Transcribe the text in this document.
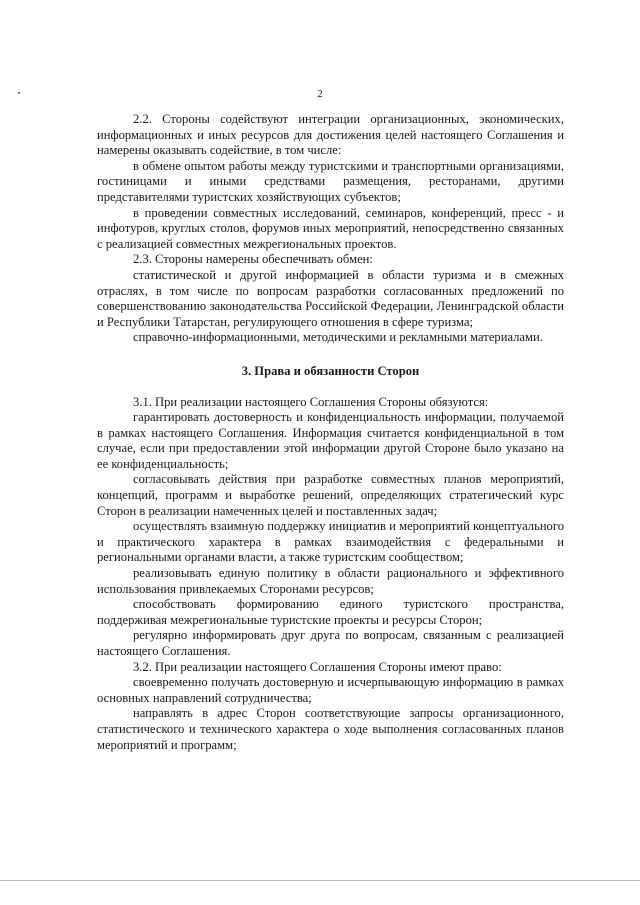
2

2.2. Стороны содействуют интеграции организационных, экономических, информационных и иных ресурсов для достижения целей настоящего Соглашения и намерены оказывать содействие, в том числе:

в обмене опытом работы между туристскими и транспортными организациями, гостиницами и иными средствами размещения, ресторанами, другими представителями туристских хозяйствующих субъектов;

в проведении совместных исследований, семинаров, конференций, пресс - и инфотуров, круглых столов, форумов иных мероприятий, непосредственно связанных с реализацией совместных межрегиональных проектов.

2.3. Стороны намерены обеспечивать обмен:

статистической и другой информацией в области туризма и в смежных отраслях, в том числе по вопросам разработки согласованных предложений по совершенствованию законодательства Российской Федерации, Ленинградской области и Республики Татарстан, регулирующего отношения в сфере туризма;

справочно-информационными, методическими и рекламными материалами.

3. Права и обязанности Сторон

3.1. При реализации настоящего Соглашения Стороны обязуются:

гарантировать достоверность и конфиденциальность информации, получаемой в рамках настоящего Соглашения. Информация считается конфиденциальной в том случае, если при предоставлении этой информации другой Стороне было указано на ее конфиденциальность;

согласовывать действия при разработке совместных планов мероприятий, концепций, программ и выработке решений, определяющих стратегический курс Сторон в реализации намеченных целей и поставленных задач;

осуществлять взаимную поддержку инициатив и мероприятий концептуального и практического характера в рамках взаимодействия с федеральными и региональными органами власти, а также туристским сообществом;

реализовывать единую политику в области рационального и эффективного использования привлекаемых Сторонами ресурсов;

способствовать формированию единого туристского пространства, поддерживая межрегиональные туристские проекты и ресурсы Сторон;

регулярно информировать друг друга по вопросам, связанным с реализацией настоящего Соглашения.

3.2. При реализации настоящего Соглашения Стороны имеют право:

своевременно получать достоверную и исчерпывающую информацию в рамках основных направлений сотрудничества;

направлять в адрес Сторон соответствующие запросы организационного, статистического и технического характера о ходе выполнения согласованных планов мероприятий и программ;
